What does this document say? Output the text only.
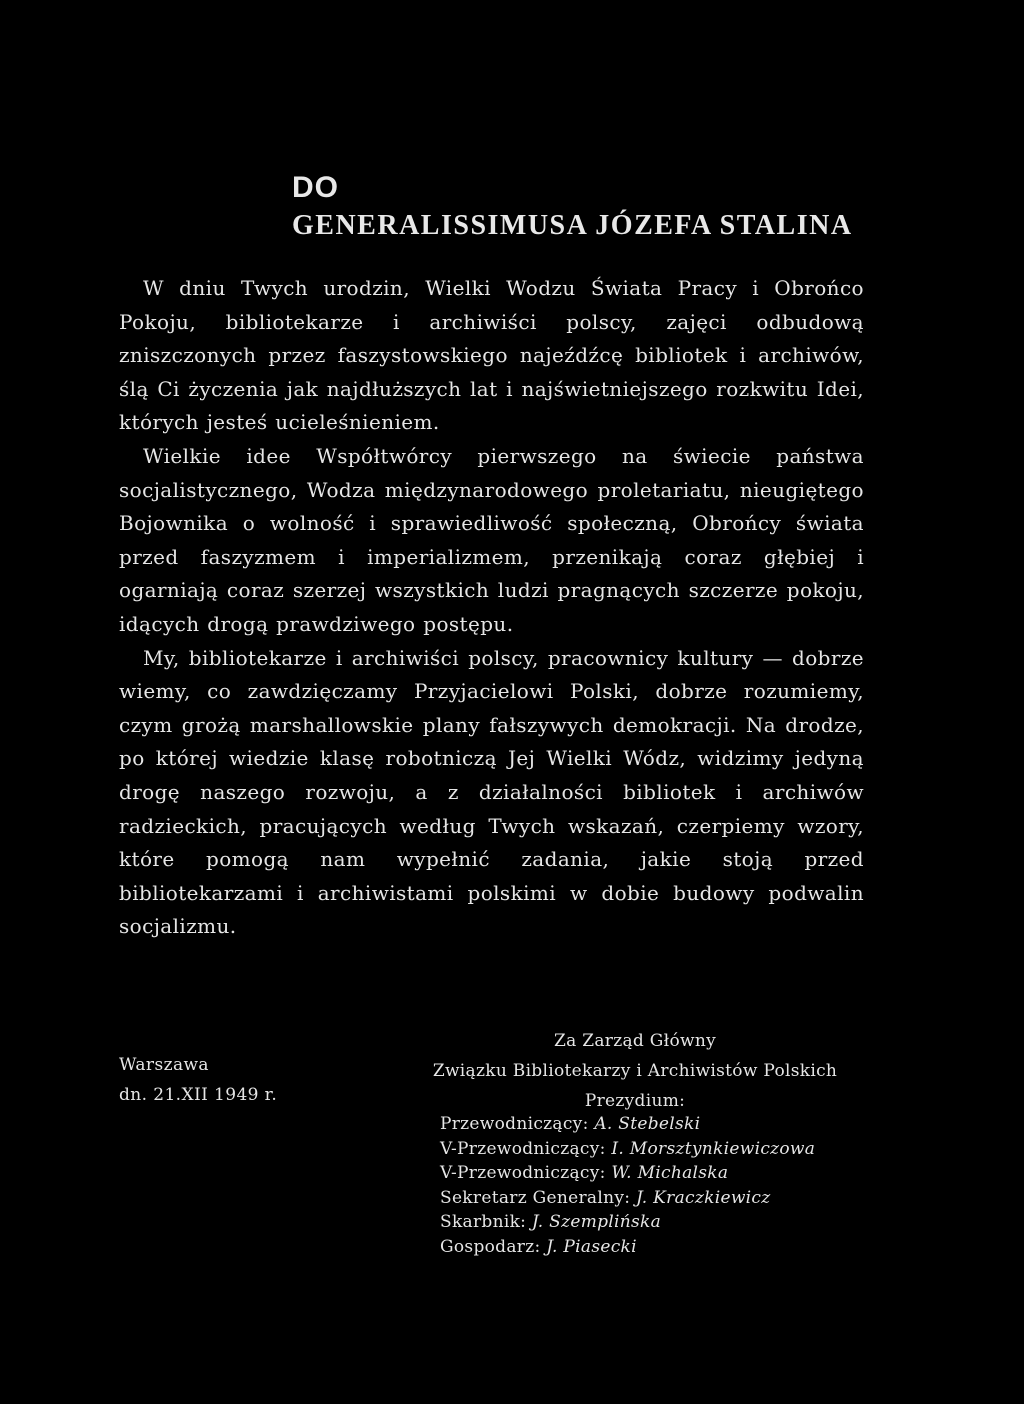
DO
GENERALISSIMUSA JÓZEFA STALINA

W dniu Twych urodzin, Wielki Wodzu Świata Pracy i Obrońco Pokoju, bibliotekarze i archiwiści polscy, zajęci odbudową zniszczonych przez faszystowskiego najeźdźcę bibliotek i archiwów, ślą Ci życzenia jak najdłuższych lat i najświetniejszego rozkwitu Idei, których jesteś ucieleśnieniem.

Wielkie idee Współtwórcy pierwszego na świecie państwa socjalistycznego, Wodza międzynarodowego proletariatu, nieugiętego Bojownika o wolność i sprawiedliwość społeczną, Obrońcy świata przed faszyzmem i imperializmem, przenikają coraz głębiej i ogarniają coraz szerzej wszystkich ludzi pragnących szczerze pokoju, idących drogą prawdziwego postępu.

My, bibliotekarze i archiwiści polscy, pracownicy kultury — dobrze wiemy, co zawdzięczamy Przyjacielowi Polski, dobrze rozumiemy, czym grożą marshallowskie plany fałszywych demokracji. Na drodze, po której wiedzie klasę robotniczą Jej Wielki Wódz, widzimy jedyną drogę naszego rozwoju, a z działalności bibliotek i archiwów radzieckich, pracujących według Twych wskazań, czerpiemy wzory, które pomogą nam wypełnić zadania, jakie stoją przed bibliotekarzami i archiwistami polskimi w dobie budowy podwalin socjalizmu.

Warszawa
dn. 21.XII 1949 r.
Za Zarząd Główny
Związku Bibliotekarzy i Archiwistów Polskich
Prezydium:
Przewodniczący: A. Stebelski
V-Przewodniczący: I. Morsztynkiewiczowa
V-Przewodniczący: W. Michalska
Sekretarz Generalny: J. Kraczkiewicz
Skarbnik: J. Szemplińska
Gospodarz: J. Piasecki
